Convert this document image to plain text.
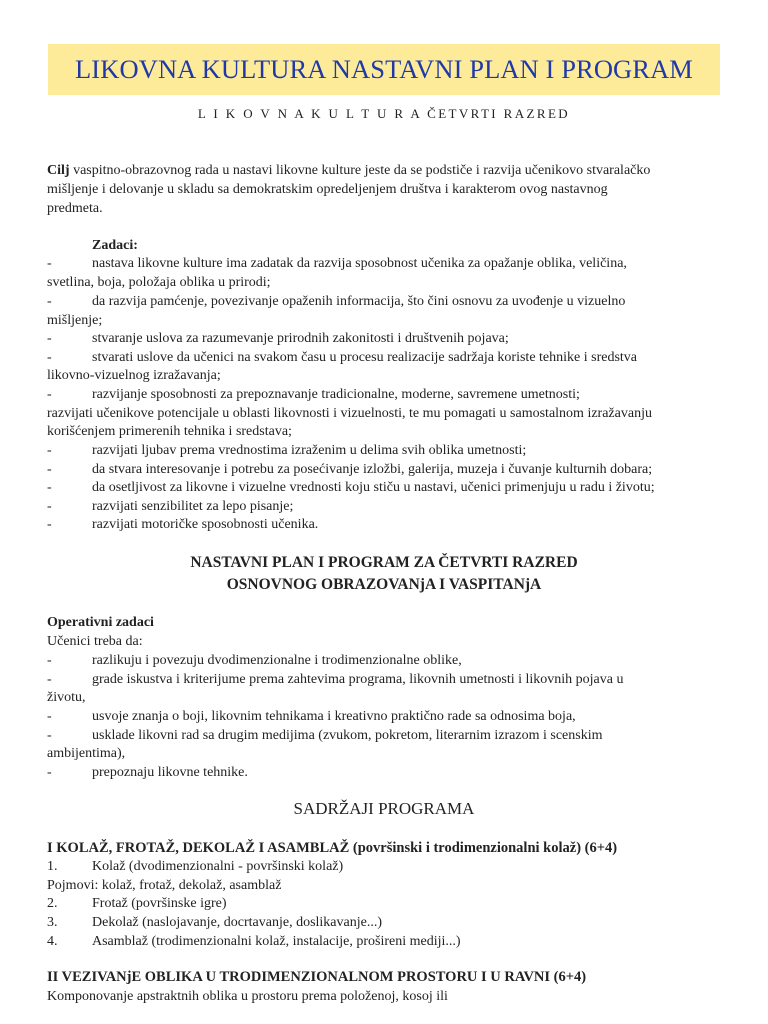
LIKOVNA KULTURA NASTAVNI PLAN I PROGRAM
L I K O V N A K U L T U R A ČETVRTI RAZRED
Cilj vaspitno-obrazovnog rada u nastavi likovne kulture jeste da se podstiče i razvija učenikovo stvaralačko
mišljenje i delovanje u skladu sa demokratskim opredeljenjem društva i karakterom ovog nastavnog
predmeta.
Zadaci:
-	nastava likovne kulture ima zadatak da razvija sposobnost učenika za opažanje oblika, veličina,
svetlina, boja, položaja oblika u prirodi;
-	da razvija pamćenje, povezivanje opaženih informacija, što čini osnovu za uvođenje u vizuelno
mišljenje;
-	stvaranje uslova za razumevanje prirodnih zakonitosti i društvenih pojava;
-	stvarati uslove da učenici na svakom času u procesu realizacije sadržaja koriste tehnike i sredstva
likovno-vizuelnog izražavanja;
-	razvijanje sposobnosti za prepoznavanje tradicionalne, moderne, savremene umetnosti;
razvijati učenikove potencijale u oblasti likovnosti i vizuelnosti, te mu pomagati u samostalnom izražavanju
korišćenjem primerenih tehnika i sredstava;
-	razvijati ljubav prema vrednostima izraženim u delima svih oblika umetnosti;
-	da stvara interesovanje i potrebu za posećivanje izložbi, galerija, muzeja i čuvanje kulturnih dobara;
-	da osetljivost za likovne i vizuelne vrednosti koju stiču u nastavi, učenici primenjuju u radu i životu;
-	razvijati senzibilitet za lepo pisanje;
-	razvijati motoričke sposobnosti učenika.
NASTAVNI PLAN I PROGRAM ZA ČETVRTI RAZRED
OSNOVNOG OBRAZOVANjA I VASPITANjA
Operativni zadaci
Učenici treba da:
-	razlikuju i povezuju dvodimenzionalne i trodimenzionalne oblike,
-	grade iskustva i kriterijume prema zahtevima programa, likovnih umetnosti i likovnih pojava u
životu,
-	usvoje znanja o boji, likovnim tehnikama i kreativno praktično rade sa odnosima boja,
-	usklade likovni rad sa drugim medijima (zvukom, pokretom, literarnim izrazom i scenskim
ambijentima),
-	prepoznaju likovne tehnike.
SADRŽAJI PROGRAMA
I KOLAŽ, FROTAŽ, DEKOLAŽ I ASAMBLAŽ (površinski i trodimenzionalni kolaž) (6+4)
1. Kolaž (dvodimenzionalni - površinski kolaž)
Pojmovi: kolaž, frotaž, dekolaž, asamblaž
2. Frotaž (površinske igre)
3. Dekolaž (naslojavanje, docrtavanje, doslikavanje...)
4. Asamblaž (trodimenzionalni kolaž, instalacije, prošireni mediji...)
II VEZIVANjE OBLIKA U TRODIMENZIONALNOM PROSTORU I U RAVNI (6+4)
Komponovanje apstraktnih oblika u prostoru prema položenoj, kosoj ili
